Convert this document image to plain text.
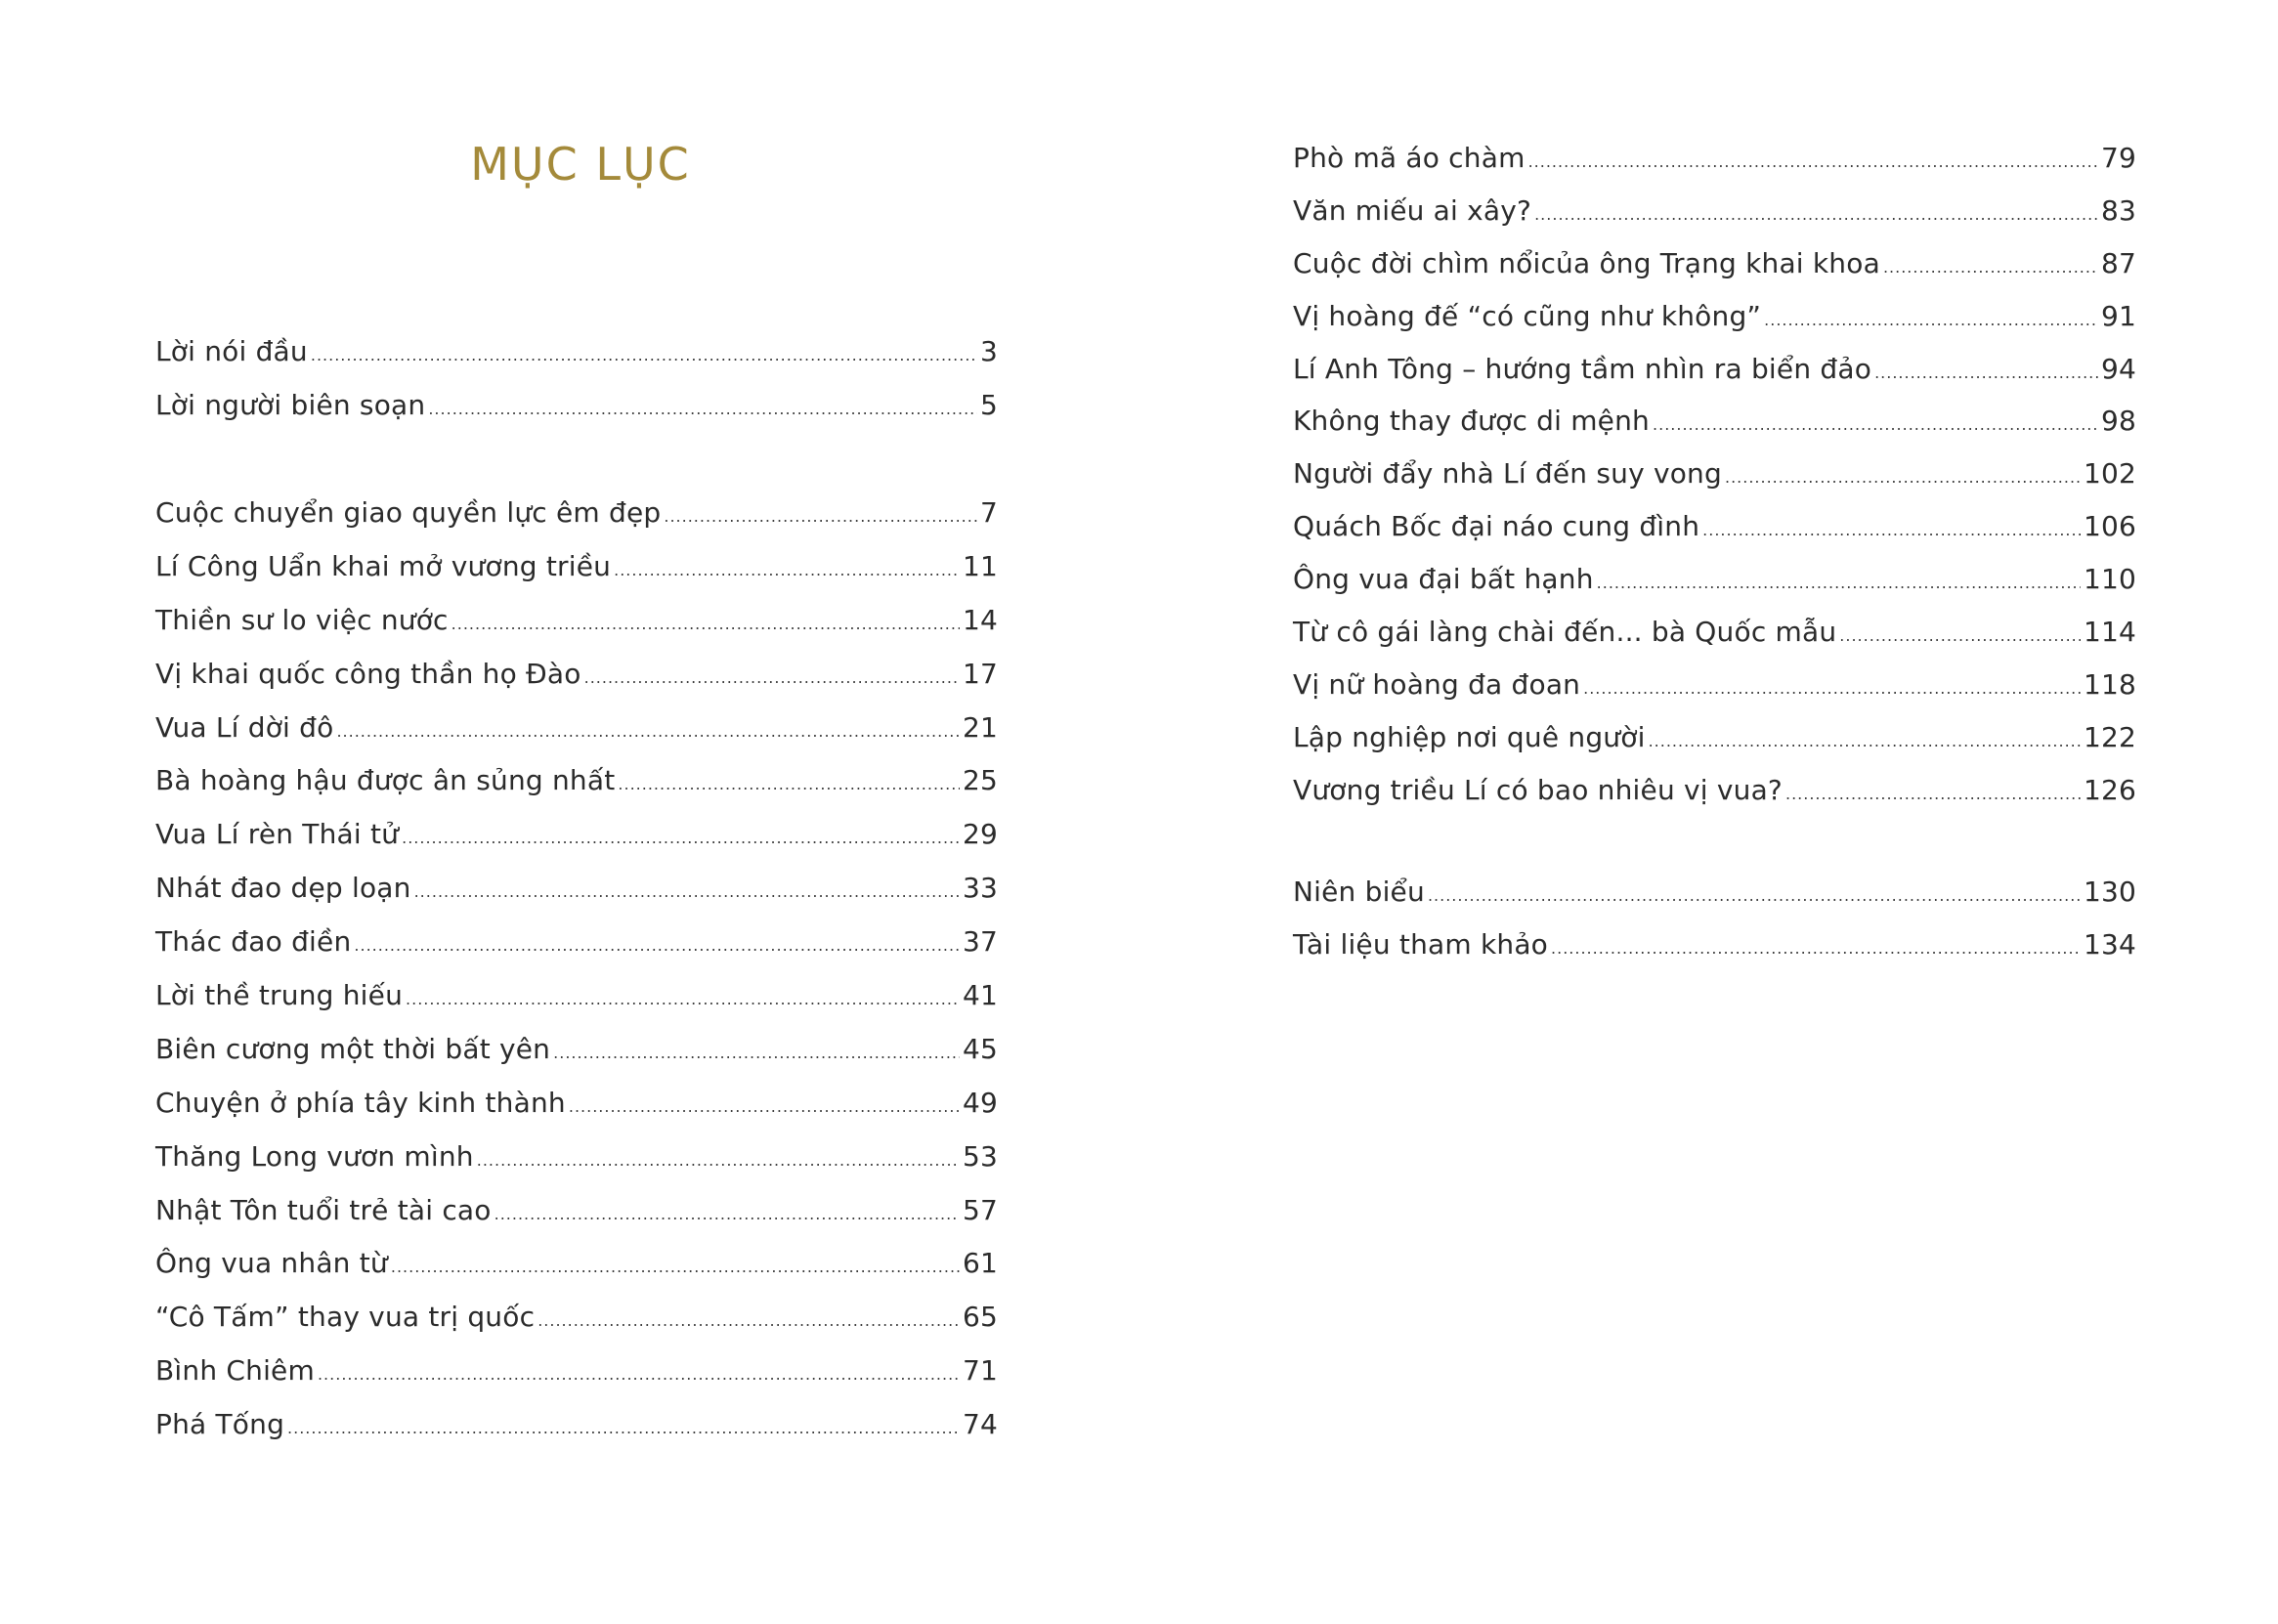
MỤC LỤC
Lời nói đầu .....	3
Lời người biên soạn .....	5
Cuộc chuyển giao quyền lực êm đẹp .....	7
Lí Công Uẩn khai mở vương triều .....	11
Thiền sư lo việc nước .....	14
Vị khai quốc công thần họ Đào .....	17
Vua Lí dời đô .....	21
Bà hoàng hậu được ân sủng nhất .....	25
Vua Lí rèn Thái tử .....	29
Nhát đao dẹp loạn .....	33
Thác đao điền .....	37
Lời thề trung hiếu .....	41
Biên cương một thời bất yên .....	45
Chuyện ở phía tây kinh thành .....	49
Thăng Long vươn mình .....	53
Nhật Tôn tuổi trẻ tài cao .....	57
Ông vua nhân từ .....	61
“Cô Tấm” thay vua trị quốc .....	65
Bình Chiêm .....	71
Phá Tống .....	74
Phò mã áo chàm .....	79
Văn miếu ai xây? .....	83
Cuộc đời chìm nổicủa ông Trạng khai khoa .....	87
Vị hoàng đế “có cũng như không” .....	91
Lí Anh Tông – hướng tầm nhìn ra biển đảo .....	94
Không thay được di mệnh .....	98
Người đẩy nhà Lí đến suy vong .....	102
Quách Bốc đại náo cung đình .....	106
Ông vua đại bất hạnh .....	110
Từ cô gái làng chài đến... bà Quốc mẫu .....	114
Vị nữ hoàng đa đoan .....	118
Lập nghiệp nơi quê người .....	122
Vương triều Lí có bao nhiêu vị vua? .....	126
Niên biểu .....	130
Tài liệu tham khảo .....	134
